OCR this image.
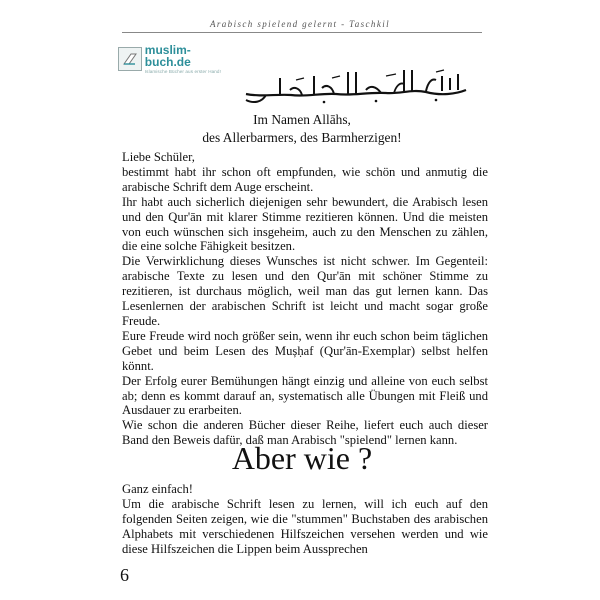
Arabisch spielend gelernt - Taschkil
muslim-buch.de
Islamische Bücher aus erster Hand!
Im Namen Allāhs,
des Allerbarmers, des Barmherzigen!

Liebe Schüler,

bestimmt habt ihr schon oft empfunden, wie schön und anmutig die arabische Schrift dem Auge erscheint.

Ihr habt auch sicherlich diejenigen sehr bewundert, die Arabisch lesen und den Qur'ān mit klarer Stimme rezitieren können. Und die meisten von euch wünschen sich insgeheim, auch zu den Menschen zu zählen, die eine solche Fähigkeit besitzen.

Die Verwirklichung dieses Wunsches ist nicht schwer. Im Gegenteil: arabische Texte zu lesen und den Qur'ān mit schöner Stimme zu rezitieren, ist durchaus möglich, weil man das gut lernen kann. Das Lesenlernen der arabischen Schrift ist leicht und macht sogar große Freude.

Eure Freude wird noch größer sein, wenn ihr euch schon beim täglichen Gebet und beim Lesen des Mușḥaf (Qur'ān-Exemplar) selbst helfen könnt.

Der Erfolg eurer Bemühungen hängt einzig und alleine von euch selbst ab; denn es kommt darauf an, systematisch alle Übungen mit Fleiß und Ausdauer zu erarbeiten.

Wie schon die anderen Bücher dieser Reihe, liefert euch auch dieser Band den Beweis dafür, daß man Arabisch "spielend" lernen kann.

Aber wie ?

Ganz einfach!

Um die arabische Schrift lesen zu lernen, will ich euch auf den folgenden Seiten zeigen, wie die "stummen" Buchstaben des arabischen Alphabets mit verschiedenen Hilfszeichen versehen werden und wie diese Hilfszeichen die Lippen beim Aussprechen

6
